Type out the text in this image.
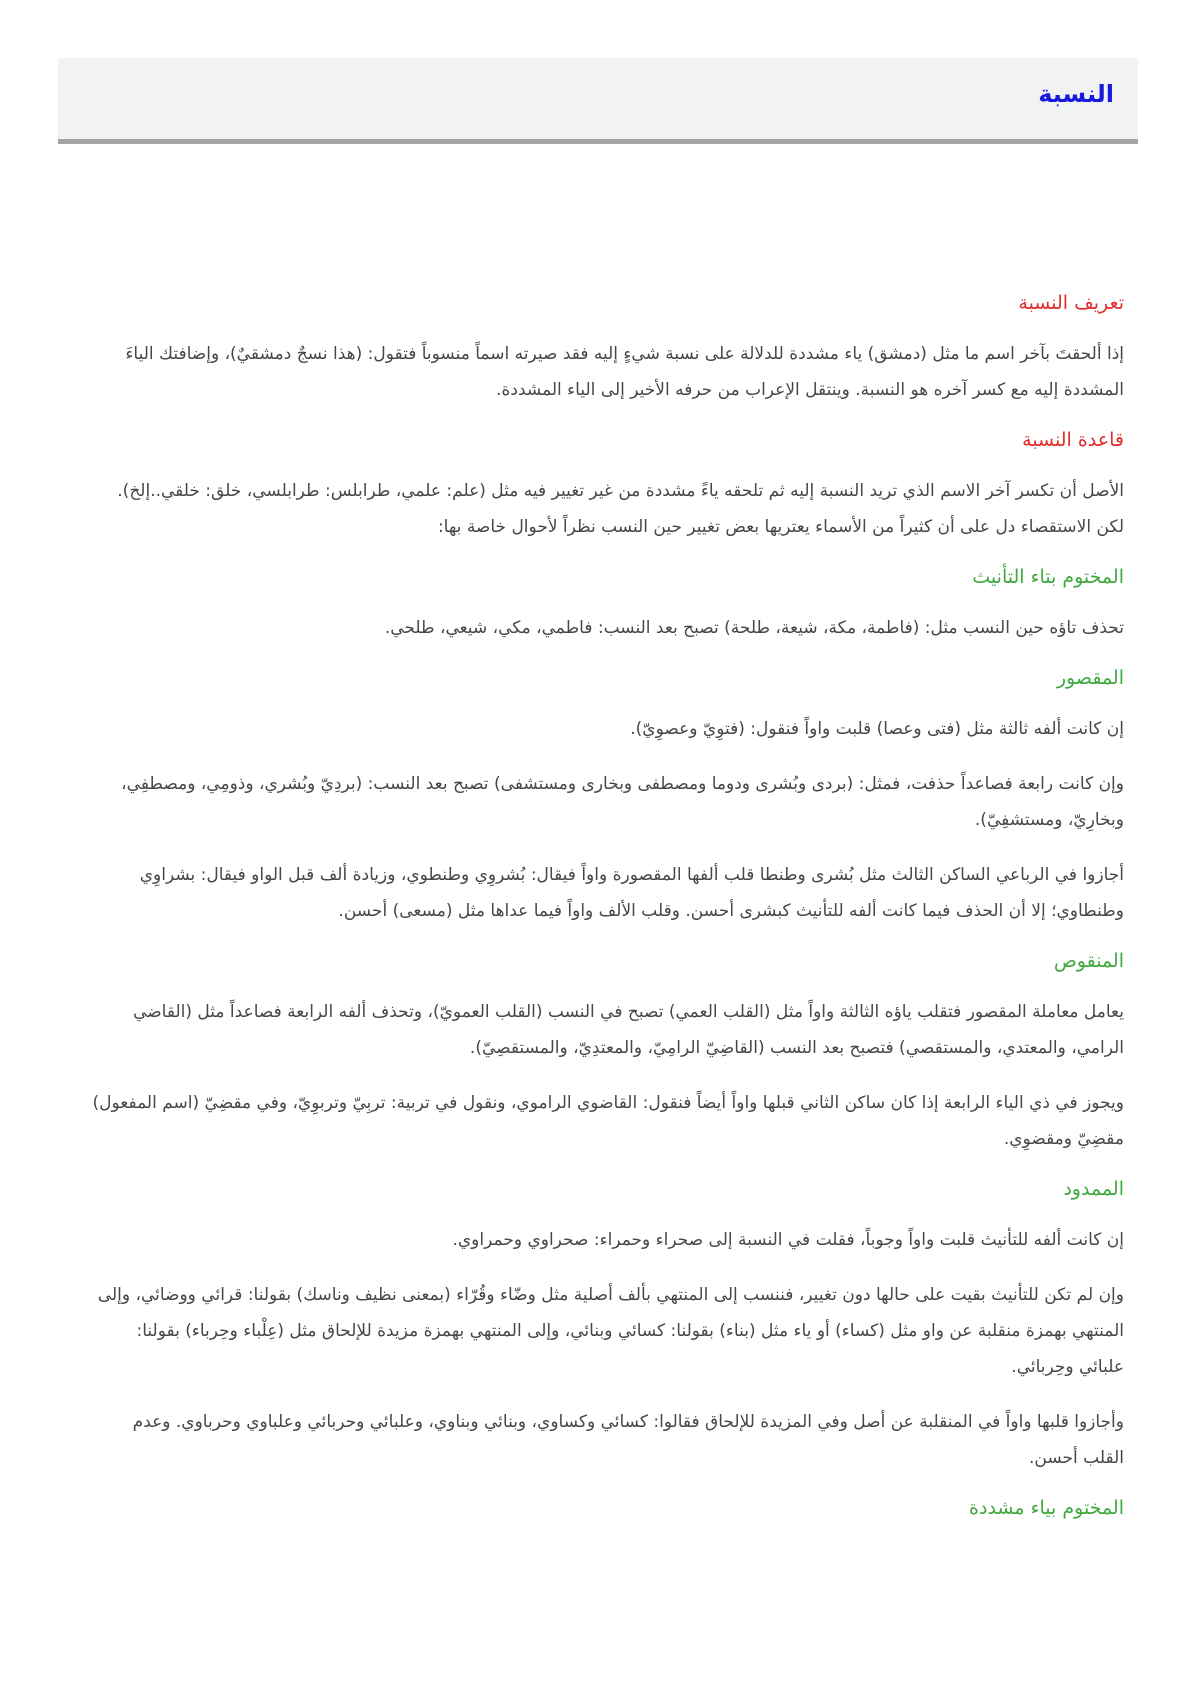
النسبة
تعريف النسبة

إذا ألحقتَ بآخر اسم ما مثل (دمشق) ياء مشددة للدلالة على نسبة شيءٍ إليه فقد صيرته اسماً منسوباً فتقول: (هذا نسجٌ دمشقيٌ)، وإضافتك الياءَ المشددة إليه مع كسر آخره هو النسبة. وينتقل الإعراب من حرفه الأخير إلى الياء المشددة.

قاعدة النسبة

الأصل أن تكسر آخر الاسم الذي تريد النسبة إليه ثم تلحقه ياءً مشددة من غير تغيير فيه مثل (علم: علمي، طرابلس: طرابلسي، خلق: خلقي..إلخ). لكن الاستقصاء دل على أن كثيراً من الأسماء يعتريها بعض تغيير حين النسب نظراً لأحوال خاصة بها:

المختوم بتاء التأنيث

تحذف تاؤه حين النسب مثل: (فاطمة، مكة، شيعة، طلحة) تصبح بعد النسب: فاطمي، مكي، شيعي، طلحي.

المقصور

إن كانت ألفه ثالثة مثل (فتى وعصا) قلبت واواً فنقول: (فتوِيّ وعصوِيّ).

وإن كانت رابعة فصاعداً حذفت، فمثل: (بردى وبُشرى ودوما ومصطفى وبخارى ومستشفى) تصبح بعد النسب: (بردِيّ وبُشري، وذومِي، ومصطفِي، وبخارِيّ، ومستشفِيّ).

أجازوا في الرباعي الساكن الثالث مثل بُشرى وطنطا قلب ألفها المقصورة واواً فيقال: بُشروِي وطنطوي، وزيادة ألف قبل الواو فيقال: بشراوِي وطنطاوي؛ إلا أن الحذف فيما كانت ألفه للتأنيث كبشرى أحسن. وقلب الألف واواً فيما عداها مثل (مسعى) أحسن.

المنقوص

يعامل معاملة المقصور فتقلب ياؤه الثالثة واواً مثل (القلب العمي) تصبح في النسب (القلب العمويّ)، وتحذف ألفه الرابعة فصاعداً مثل (القاضي الرامي، والمعتدي، والمستقصي) فتصبح بعد النسب (القاضِيّ الرامِيّ، والمعتدِيّ، والمستقصِيّ).

ويجوز في ذي الياء الرابعة إذا كان ساكن الثاني قبلها واواً أيضاً فنقول: القاضوي الراموي، ونقول في تربية: تربِيّ وتربوِيّ، وفي مقضِيّ (اسم المفعول) مقضِيّ ومقضوِي.

الممدود

إن كانت ألفه للتأنيث قلبت واواً وجوباً، فقلت في النسبة إلى صحراء وحمراء: صحراوي وحمراوي.

وإن لم تكن للتأنيث بقيت على حالها دون تغيير، فننسب إلى المنتهي بألف أصلية مثل وضّاء وقُرّاء (بمعنى نظيف وناسك) بقولنا: قرائي ووضائي، وإلى المنتهي بهمزة منقلبة عن واو مثل (كساء) أو ياء مثل (بناء) بقولنا: كسائي وبنائي، وإلى المنتهي بهمزة مزيدة للإلحاق مثل (عِلْباء وحِرباء) بقولنا: علبائي وحِربائي.

وأجازوا قلبها واواً في المنقلبة عن أصل وفي المزيدة للإلحاق فقالوا: كسائي وكساوي، وبنائي وبناوي، وعلبائي وحربائي وعلباوي وحرباوي. وعدم القلب أحسن.

المختوم بياء مشددة
